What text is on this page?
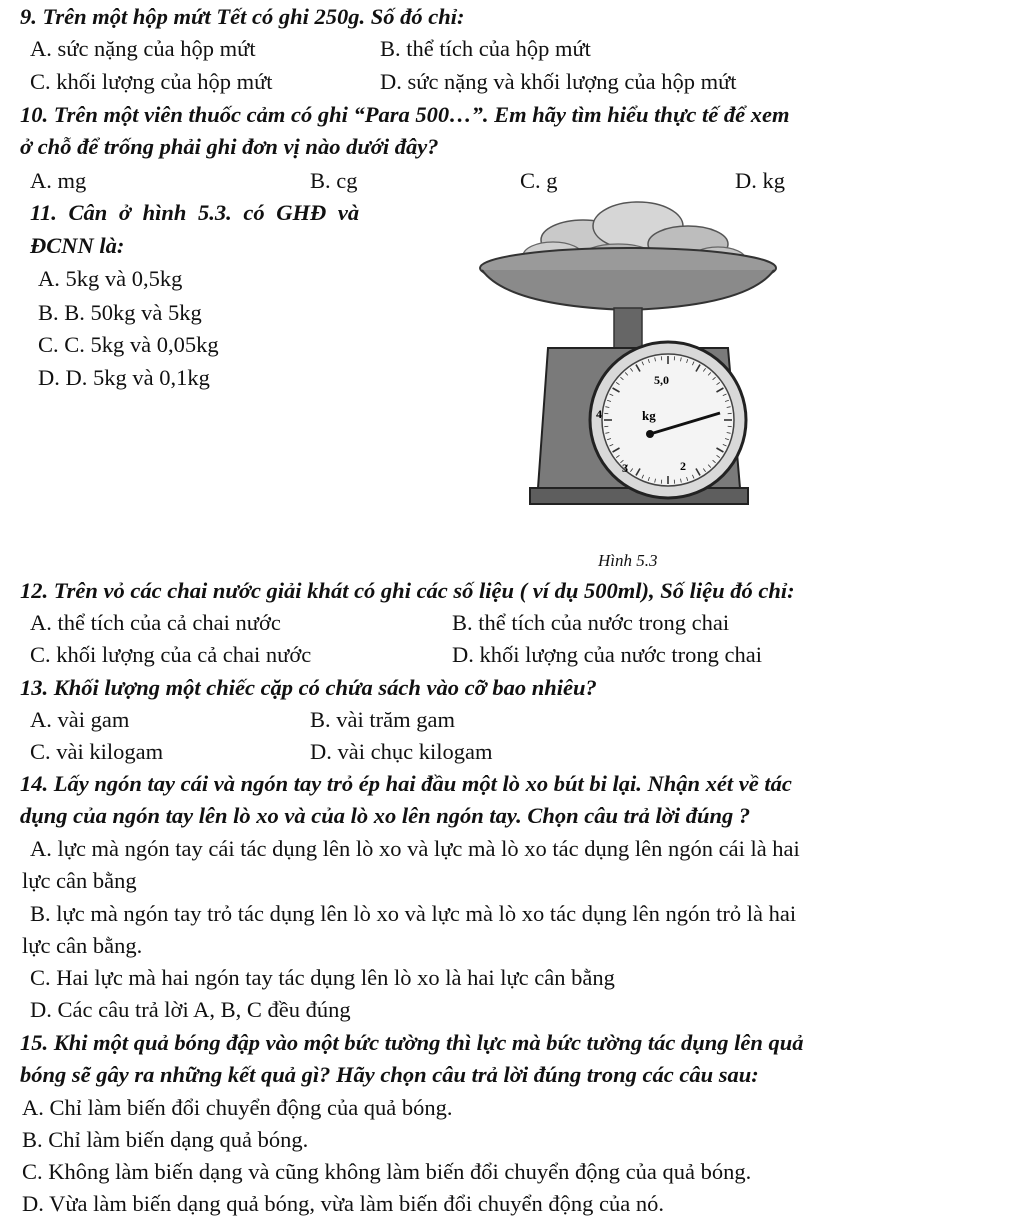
9. Trên một hộp mứt Tết có ghi 250g. Số đó chỉ:
A. sức nặng của hộp mứt	B. thể tích của hộp mứt
C. khối lượng của hộp mứt	D. sức nặng và khối lượng của hộp mứt
10. Trên một viên thuốc cảm có ghi “Para 500…”. Em hãy tìm hiểu thực tế để xem
ở chỗ để trống phải ghi đơn vị nào dưới đây?
A. mg	B. cg	C. g	D. kg
11. Cân ở hình 5.3. có GHĐ và
ĐCNN là:
A. 5kg và 0,5kg
B. B. 50kg và 5kg
C. C. 5kg và 0,05kg
D. D. 5kg và 0,1kg	5,0
4
3	2
kg
Hình 5.3
12. Trên vỏ các chai nước giải khát có ghi các số liệu ( ví dụ 500ml), Số liệu đó chỉ:
A. thể tích của cả chai nước	B. thể tích của nước trong chai
C. khối lượng của cả chai nước	D. khối lượng của nước trong chai
13. Khối lượng một chiếc cặp có chứa sách vào cỡ bao nhiêu?
A. vài gam	B. vài trăm gam
C. vài kilogam	D. vài chục kilogam
14. Lấy ngón tay cái và ngón tay trỏ ép hai đầu một lò xo bút bi lại. Nhận xét về tác
dụng của ngón tay lên lò xo và của lò xo lên ngón tay. Chọn câu trả lời đúng ?
A. lực mà ngón tay cái tác dụng lên lò xo và lực mà lò xo tác dụng lên ngón cái là hai
lực cân bằng
B. lực mà ngón tay trỏ tác dụng lên lò xo và lực mà lò xo tác dụng lên ngón trỏ là hai
lực cân bằng.
C. Hai lực mà hai ngón tay tác dụng lên lò xo là hai lực cân bằng
D. Các câu trả lời A, B, C đều đúng
15. Khi một quả bóng đập vào một bức tường thì lực mà bức tường tác dụng lên quả
bóng sẽ gây ra những kết quả gì? Hãy chọn câu trả lời đúng trong các câu sau:
A. Chỉ làm biến đổi chuyển động của quả bóng.
B. Chỉ làm biến dạng quả bóng.
C. Không làm biến dạng và cũng không làm biến đổi chuyển động của quả bóng.
D. Vừa làm biến dạng quả bóng, vừa làm biến đổi chuyển động của nó.
